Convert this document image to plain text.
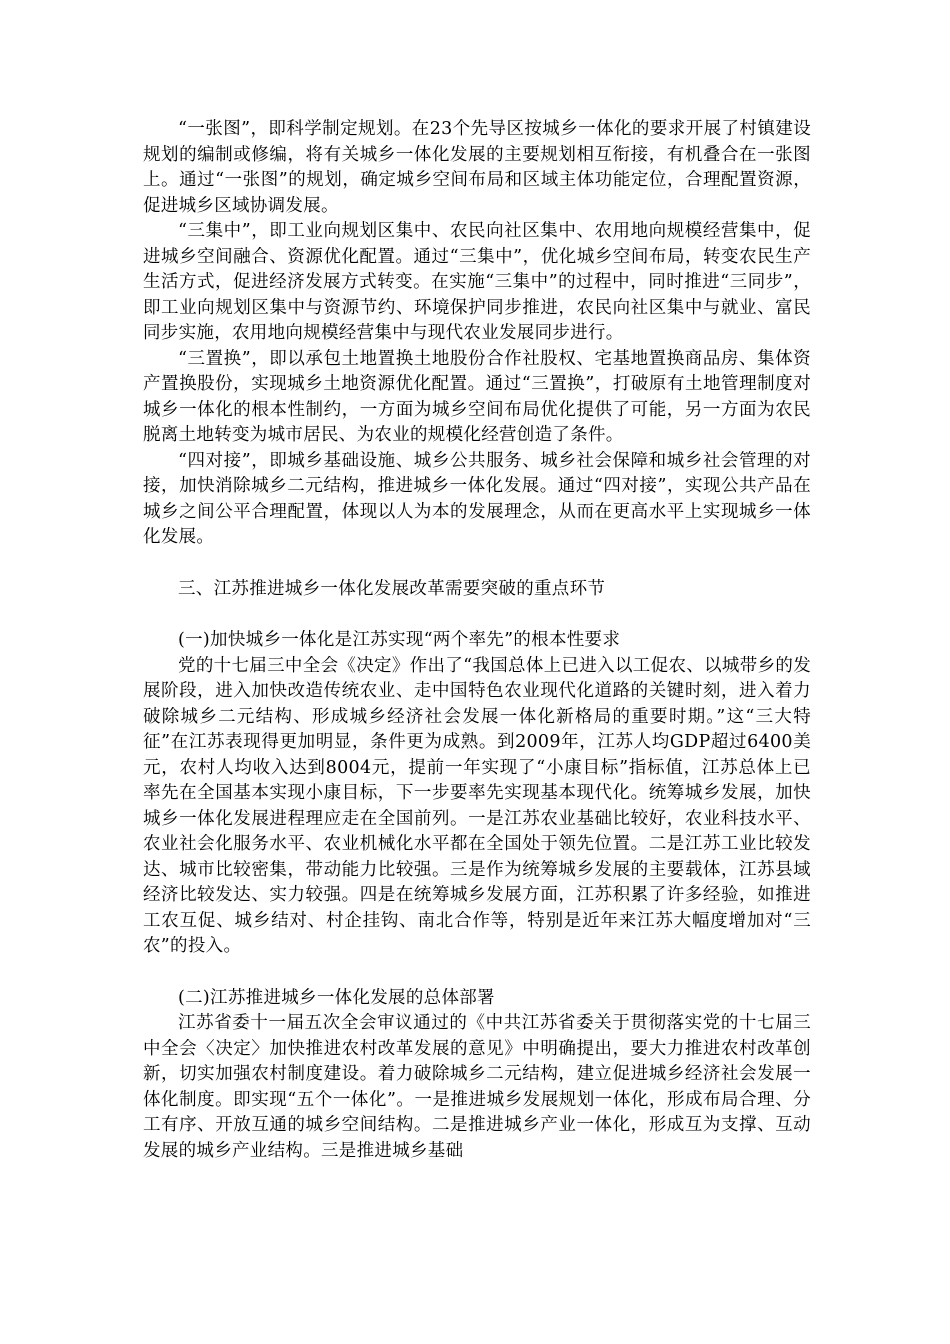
“一张图”，即科学制定规划。在23个先导区按城乡一体化的要求开展了村镇建设规划的编制或修编，将有关城乡一体化发展的主要规划相互衔接，有机叠合在一张图上。通过“一张图”的规划，确定城乡空间布局和区域主体功能定位，合理配置资源，促进城乡区域协调发展。

“三集中”，即工业向规划区集中、农民向社区集中、农用地向规模经营集中，促进城乡空间融合、资源优化配置。通过“三集中”，优化城乡空间布局，转变农民生产生活方式，促进经济发展方式转变。在实施“三集中”的过程中，同时推进“三同步”，即工业向规划区集中与资源节约、环境保护同步推进，农民向社区集中与就业、富民同步实施，农用地向规模经营集中与现代农业发展同步进行。

“三置换”，即以承包土地置换土地股份合作社股权、宅基地置换商品房、集体资产置换股份，实现城乡土地资源优化配置。通过“三置换”，打破原有土地管理制度对城乡一体化的根本性制约，一方面为城乡空间布局优化提供了可能，另一方面为农民脱离土地转变为城市居民、为农业的规模化经营创造了条件。

“四对接”，即城乡基础设施、城乡公共服务、城乡社会保障和城乡社会管理的对接，加快消除城乡二元结构，推进城乡一体化发展。通过“四对接”，实现公共产品在城乡之间公平合理配置，体现以人为本的发展理念，从而在更高水平上实现城乡一体化发展。

三、江苏推进城乡一体化发展改革需要突破的重点环节

(一)加快城乡一体化是江苏实现“两个率先”的根本性要求

党的十七届三中全会《决定》作出了“我国总体上已进入以工促农、以城带乡的发展阶段，进入加快改造传统农业、走中国特色农业现代化道路的关键时刻，进入着力破除城乡二元结构、形成城乡经济社会发展一体化新格局的重要时期。”这“三大特征”在江苏表现得更加明显，条件更为成熟。到2009年，江苏人均GDP超过6400美元，农村人均收入达到8004元，提前一年实现了“小康目标”指标值，江苏总体上已率先在全国基本实现小康目标，下一步要率先实现基本现代化。统筹城乡发展，加快城乡一体化发展进程理应走在全国前列。一是江苏农业基础比较好，农业科技水平、农业社会化服务水平、农业机械化水平都在全国处于领先位置。二是江苏工业比较发达、城市比较密集，带动能力比较强。三是作为统筹城乡发展的主要载体，江苏县域经济比较发达、实力较强。四是在统筹城乡发展方面，江苏积累了许多经验，如推进工农互促、城乡结对、村企挂钩、南北合作等，特别是近年来江苏大幅度增加对“三农”的投入。

(二)江苏推进城乡一体化发展的总体部署

江苏省委十一届五次全会审议通过的《中共江苏省委关于贯彻落实党的十七届三中全会〈决定〉加快推进农村改革发展的意见》中明确提出，要大力推进农村改革创新，切实加强农村制度建设。着力破除城乡二元结构，建立促进城乡经济社会发展一体化制度。即实现“五个一体化”。一是推进城乡发展规划一体化，形成布局合理、分工有序、开放互通的城乡空间结构。二是推进城乡产业一体化，形成互为支撑、互动发展的城乡产业结构。三是推进城乡基础
